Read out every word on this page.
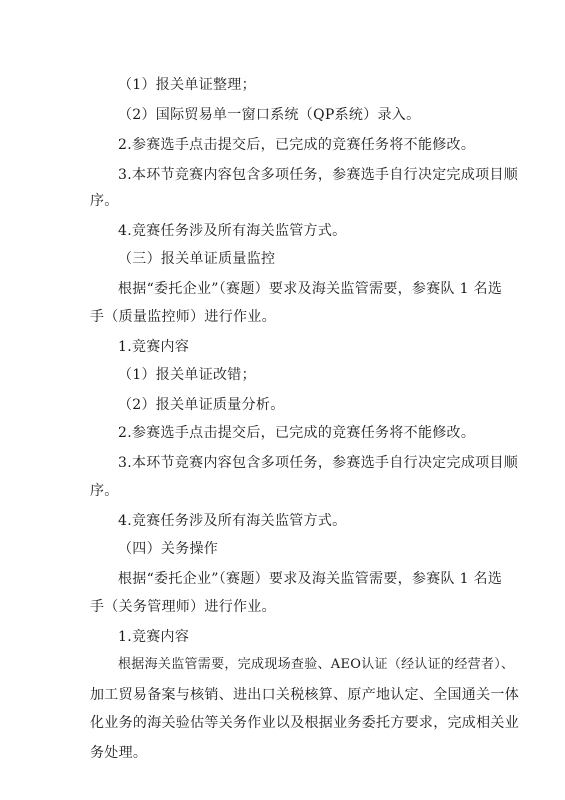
（1）报关单证整理；
（2）国际贸易单一窗口系统（QP系统）录入。
2.参赛选手点击提交后，已完成的竞赛任务将不能修改。
3.本环节竞赛内容包含多项任务，参赛选手自行决定完成项目顺
序。
4.竞赛任务涉及所有海关监管方式。
（三）报关单证质量监控
根据“委托企业”（赛题）要求及海关监管需要，参赛队 1 名选
手（质量监控师）进行作业。
1.竞赛内容
（1）报关单证改错；
（2）报关单证质量分析。
2.参赛选手点击提交后，已完成的竞赛任务将不能修改。
3.本环节竞赛内容包含多项任务，参赛选手自行决定完成项目顺
序。
4.竞赛任务涉及所有海关监管方式。
（四）关务操作
根据“委托企业”（赛题）要求及海关监管需要，参赛队 1 名选
手（关务管理师）进行作业。
1.竞赛内容
根据海关监管需要，完成现场查验、AEO认证（经认证的经营者）、
加工贸易备案与核销、进出口关税核算、原产地认定、全国通关一体
化业务的海关验估等关务作业以及根据业务委托方要求，完成相关业
务处理。
